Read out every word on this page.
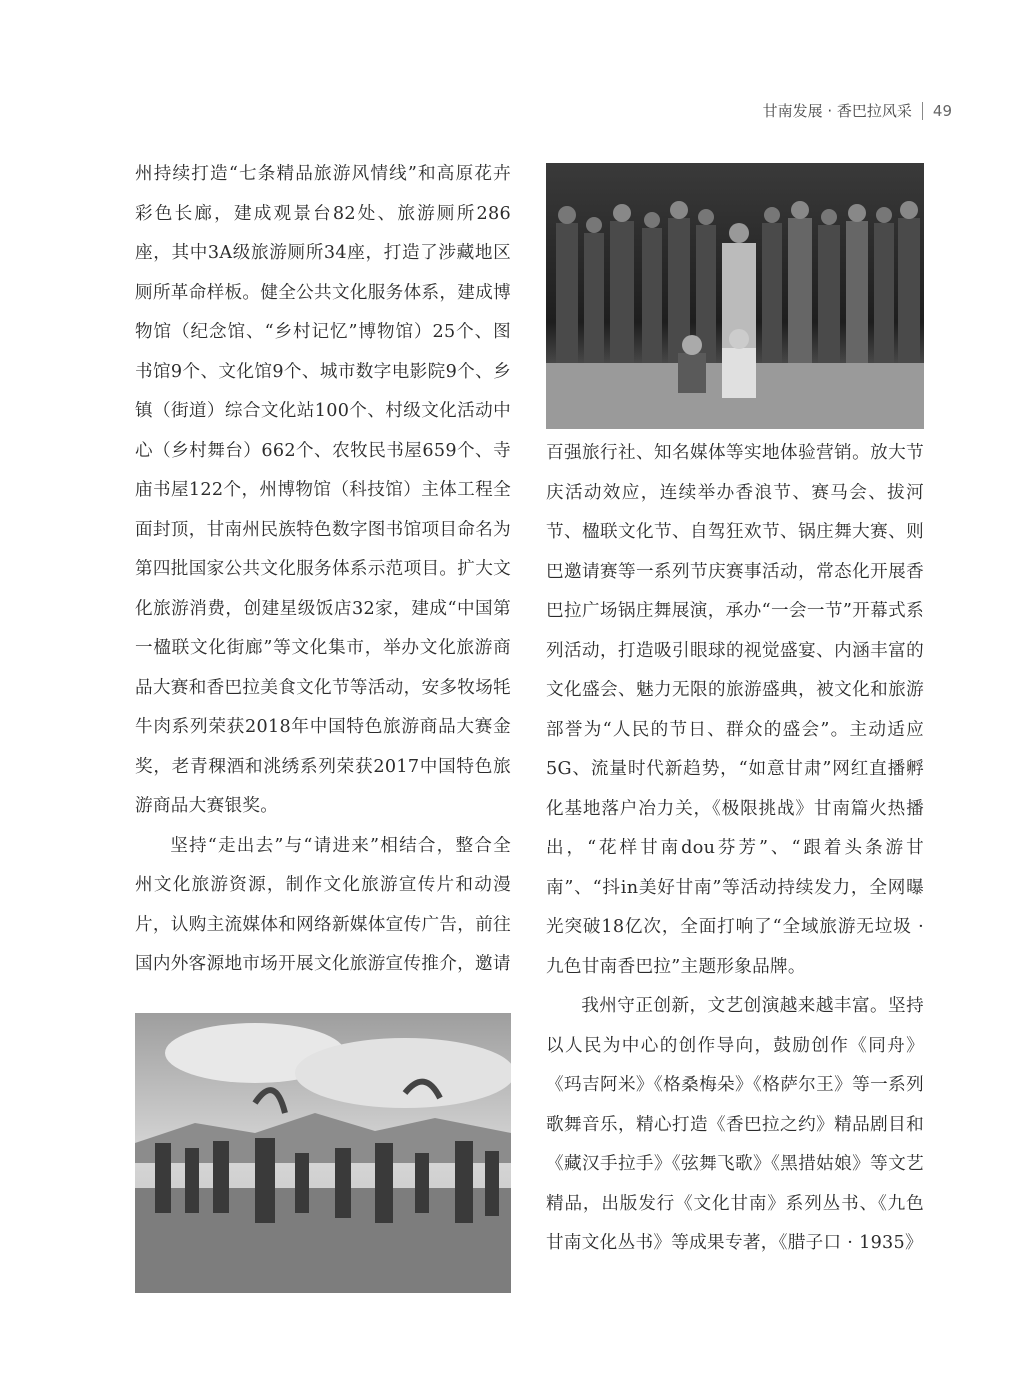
甘南发展 · 香巴拉风采 49

州持续打造“七条精品旅游风情线”和高原花卉彩色长廊，建成观景台82处、旅游厕所286座，其中3A级旅游厕所34座，打造了涉藏地区厕所革命样板。健全公共文化服务体系，建成博物馆（纪念馆、“乡村记忆”博物馆）25个、图书馆9个、文化馆9个、城市数字电影院9个、乡镇（街道）综合文化站100个、村级文化活动中心（乡村舞台）662个、农牧民书屋659个、寺庙书屋122个，州博物馆（科技馆）主体工程全面封顶，甘南州民族特色数字图书馆项目命名为第四批国家公共文化服务体系示范项目。扩大文化旅游消费，创建星级饭店32家，建成“中国第一楹联文化街廊”等文化集市，举办文化旅游商品大赛和香巴拉美食文化节等活动，安多牧场牦牛肉系列荣获2018年中国特色旅游商品大赛金奖，老青稞酒和洮绣系列荣获2017中国特色旅游商品大赛银奖。

坚持“走出去”与“请进来”相结合，整合全州文化旅游资源，制作文化旅游宣传片和动漫片，认购主流媒体和网络新媒体宣传广告，前往国内外客源地市场开展文化旅游宣传推介，邀请

百强旅行社、知名媒体等实地体验营销。放大节庆活动效应，连续举办香浪节、赛马会、拔河节、楹联文化节、自驾狂欢节、锅庄舞大赛、则巴邀请赛等一系列节庆赛事活动，常态化开展香巴拉广场锅庄舞展演，承办“一会一节”开幕式系列活动，打造吸引眼球的视觉盛宴、内涵丰富的文化盛会、魅力无限的旅游盛典，被文化和旅游部誉为“人民的节日、群众的盛会”。主动适应5G、流量时代新趋势，“如意甘肃”网红直播孵化基地落户冶力关，《极限挑战》甘南篇火热播出，“花样甘南dou芬芳”、“跟着头条游甘南”、“抖in美好甘南”等活动持续发力，全网曝光突破18亿次，全面打响了“全域旅游无垃圾 · 九色甘南香巴拉”主题形象品牌。

我州守正创新，文艺创演越来越丰富。坚持以人民为中心的创作导向，鼓励创作《同舟》《玛吉阿米》《格桑梅朵》《格萨尔王》等一系列歌舞音乐，精心打造《香巴拉之约》精品剧目和《藏汉手拉手》《弦舞飞歌》《黑措姑娘》等文艺精品，出版发行《文化甘南》系列丛书、《九色甘南文化丛书》等成果专著，《腊子口 · 1935》
